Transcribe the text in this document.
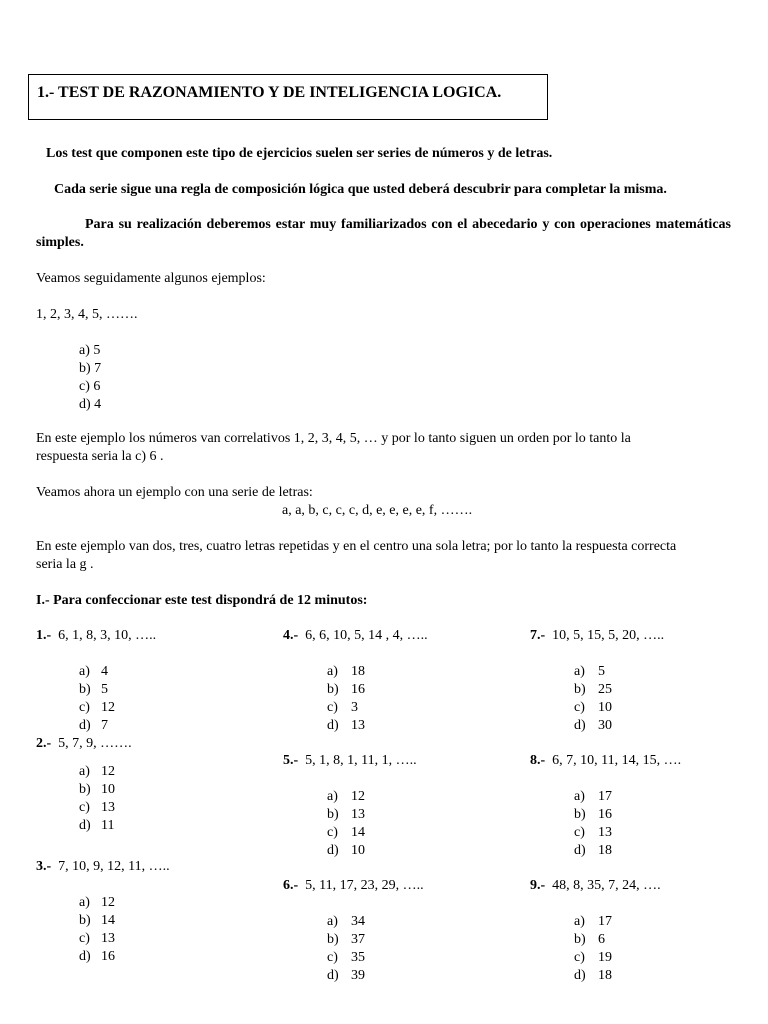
1.- TEST DE RAZONAMIENTO Y DE INTELIGENCIA LOGICA.
Los test que componen este tipo de ejercicios suelen ser series de números y de letras.
Cada serie sigue una regla de composición lógica que usted deberá descubrir para completar la misma.
Para su realización deberemos estar muy familiarizados con el abecedario y con operaciones matemáticas simples.
Veamos seguidamente algunos ejemplos:
1, 2, 3, 4, 5, …….
a) 5
b) 7
c) 6
d) 4
En este ejemplo los números van correlativos 1, 2, 3, 4, 5, … y por lo tanto siguen un orden por lo tanto la
respuesta seria la c) 6 .
Veamos ahora un ejemplo con una serie de letras:
a, a, b, c, c, c, d, e, e, e, e, f, …….
En este ejemplo van dos, tres, cuatro letras repetidas y en el centro una sola letra; por lo tanto la respuesta correcta
seria la g .
I.- Para confeccionar este test dispondrá de 12 minutos:
1.- 6, 1, 8, 3, 10, …..
a) 4
b) 5
c) 12
d) 7
2.- 5, 7, 9, …….
a) 12
b) 10
c) 13
d) 11
3.- 7, 10, 9, 12, 11, …..
a) 12
b) 14
c) 13
d) 16
4.- 6, 6, 10, 5, 14 , 4, …..
a) 18
b) 16
c) 3
d) 13
5.- 5, 1, 8, 1, 11, 1, …..
a) 12
b) 13
c) 14
d) 10
6.- 5, 11, 17, 23, 29, …..
a) 34
b) 37
c) 35
d) 39
7.- 10, 5, 15, 5, 20, …..
a) 5
b) 25
c) 10
d) 30
8.- 6, 7, 10, 11, 14, 15, ….
a) 17
b) 16
c) 13
d) 18
9.- 48, 8, 35, 7, 24, ….
a) 17
b) 6
c) 19
d) 18
